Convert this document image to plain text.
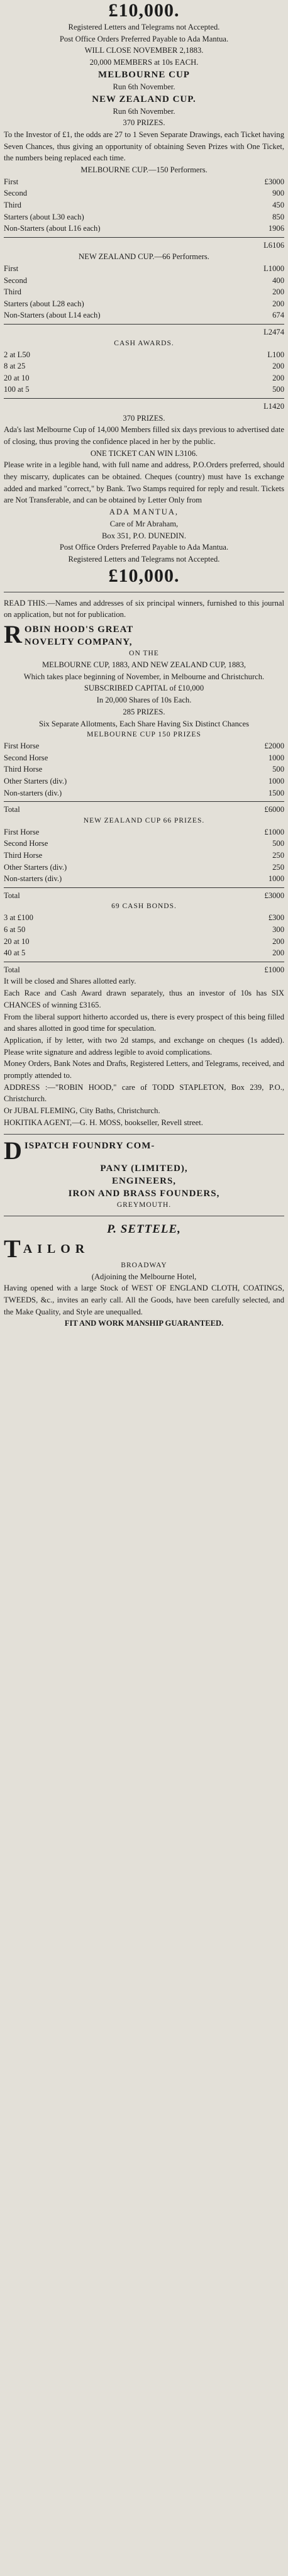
£10,000.

Registered Letters and Telegrams not Accepted.

Post Office Orders Preferred Payable to Ada Mantua.

WILL CLOSE NOVEMBER 2,1883.

20,000 MEMBERS at 10s EACH.

MELBOURNE CUP

Run 6th November.

NEW ZEALAND CUP.

Run 6th November.

370 PRIZES.

To the Investor of £1, the odds are 27 to 1 Seven Separate Drawings, each Ticket having Seven Chances, thus giving an opportunity of obtaining Seven Prizes with One Ticket, the numbers being replaced each time.

MELBOURNE CUP.—150 Performers.

First	£3000
Second	900
Third	450
Starters (about L30 each)	850
Non-Starters (about L16 each)	1906
L6106

NEW ZEALAND CUP.—66 Performers.

First	L1000
Second	400
Third	200
Starters (about L28 each)	200
Non-Starters (about L14 each)	674
L2474

CASH AWARDS.

2 at L50	L100
8 at 25	200
20 at 10	200
100 at 5	500
L1420

370 PRIZES.

Ada's last Melbourne Cup of 14,000 Members filled six days previous to advertised date of closing, thus proving the confidence placed in her by the public.

ONE TICKET CAN WIN L3106.

Please write in a legible hand, with full name and address, P.O.Orders preferred, should they miscarry, duplicates can be obtained. Cheques (country) must have 1s exchange added and marked "correct," by Bank. Two Stamps required for reply and result. Tickets are Not Transferable, and can be obtained by Letter Only from

ADA MANTUA,

Care of Mr Abraham,

Box 351, P.O. DUNEDIN.

Post Office Orders Preferred Payable to Ada Mantua.

Registered Letters and Telegrams not Accepted.

£10,000.

READ THIS.—Names and addresses of six principal winners, furnished to this journal on application, but not for publication.

R OBIN HOOD'S GREAT

NOVELTY COMPANY,

ON THE

MELBOURNE CUP, 1883, AND NEW ZEALAND CUP, 1883,

Which takes place beginning of November, in Melbourne and Christchurch.

SUBSCRIBED CAPITAL of £10,000

In 20,000 Shares of 10s Each.

285 PRIZES.

Six Separate Allotments, Each Share Having Six Distinct Chances

MELBOURNE CUP 150 PRIZES

First Horse	£2000
Second Horse	1000
Third Horse	500
Other Starters (div.)	1000
Non-starters (div.)	1500
Total	£6000

NEW ZEALAND CUP 66 PRIZES.

First Horse	£1000
Second Horse	500
Third Horse	250
Other Starters (div.)	250
Non-starters (div.)	1000
Total	£3000

69 CASH BONDS.

3 at £100	£300
6 at 50	300
20 at 10	200
40 at 5	200
Total	£1000

It will be closed and Shares allotted early.

Each Race and Cash Award drawn separately, thus an investor of 10s has SIX CHANCES of winning £3165.

From the liberal support hitherto accorded us, there is every prospect of this being filled and shares allotted in good time for speculation.

Application, if by letter, with two 2d stamps, and exchange on cheques (1s added). Please write signature and address legible to avoid complications.

Money Orders, Bank Notes and Drafts, Registered Letters, and Telegrams, received, and promptly attended to.

ADDRESS :—"ROBIN HOOD," care of TODD STAPLETON, Box 239, P.O., Christchurch.

Or JUBAL FLEMING, City Baths, Christchurch.

HOKITIKA AGENT,—G. H. MOSS, bookseller, Revell street.

D ISPATCH FOUNDRY COM-

PANY (LIMITED),

ENGINEERS,

IRON AND BRASS FOUNDERS,

GREYMOUTH.

P. SETTELE,

T AILOR

BROADWAY

(Adjoining the Melbourne Hotel,

Having opened with a large Stock of WEST OF ENGLAND CLOTH, COATINGS, TWEEDS, &c., invites an early call. All the Goods, have been carefully selected, and the Make Quality, and Style are unequalled.

FIT AND WORK MANSHIP GUARANTEED.
